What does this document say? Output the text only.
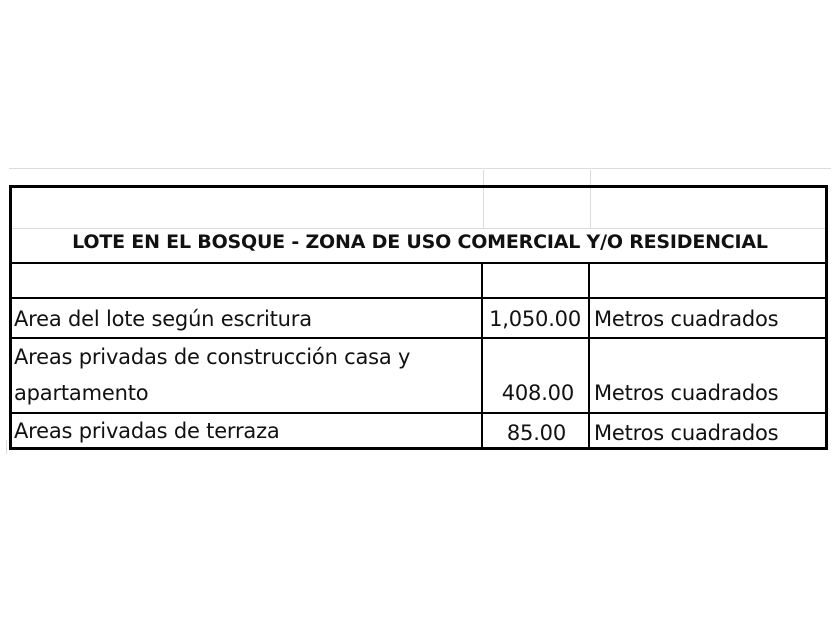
LOTE EN EL BOSQUE - ZONA DE USO COMERCIAL Y/O RESIDENCIAL
Area del lote según escritura	1,050.00 Metros cuadrados
Areas privadas de construcción casa y
apartamento	408.00 Metros cuadrados
Areas privadas de terraza	85.00 Metros cuadrados
